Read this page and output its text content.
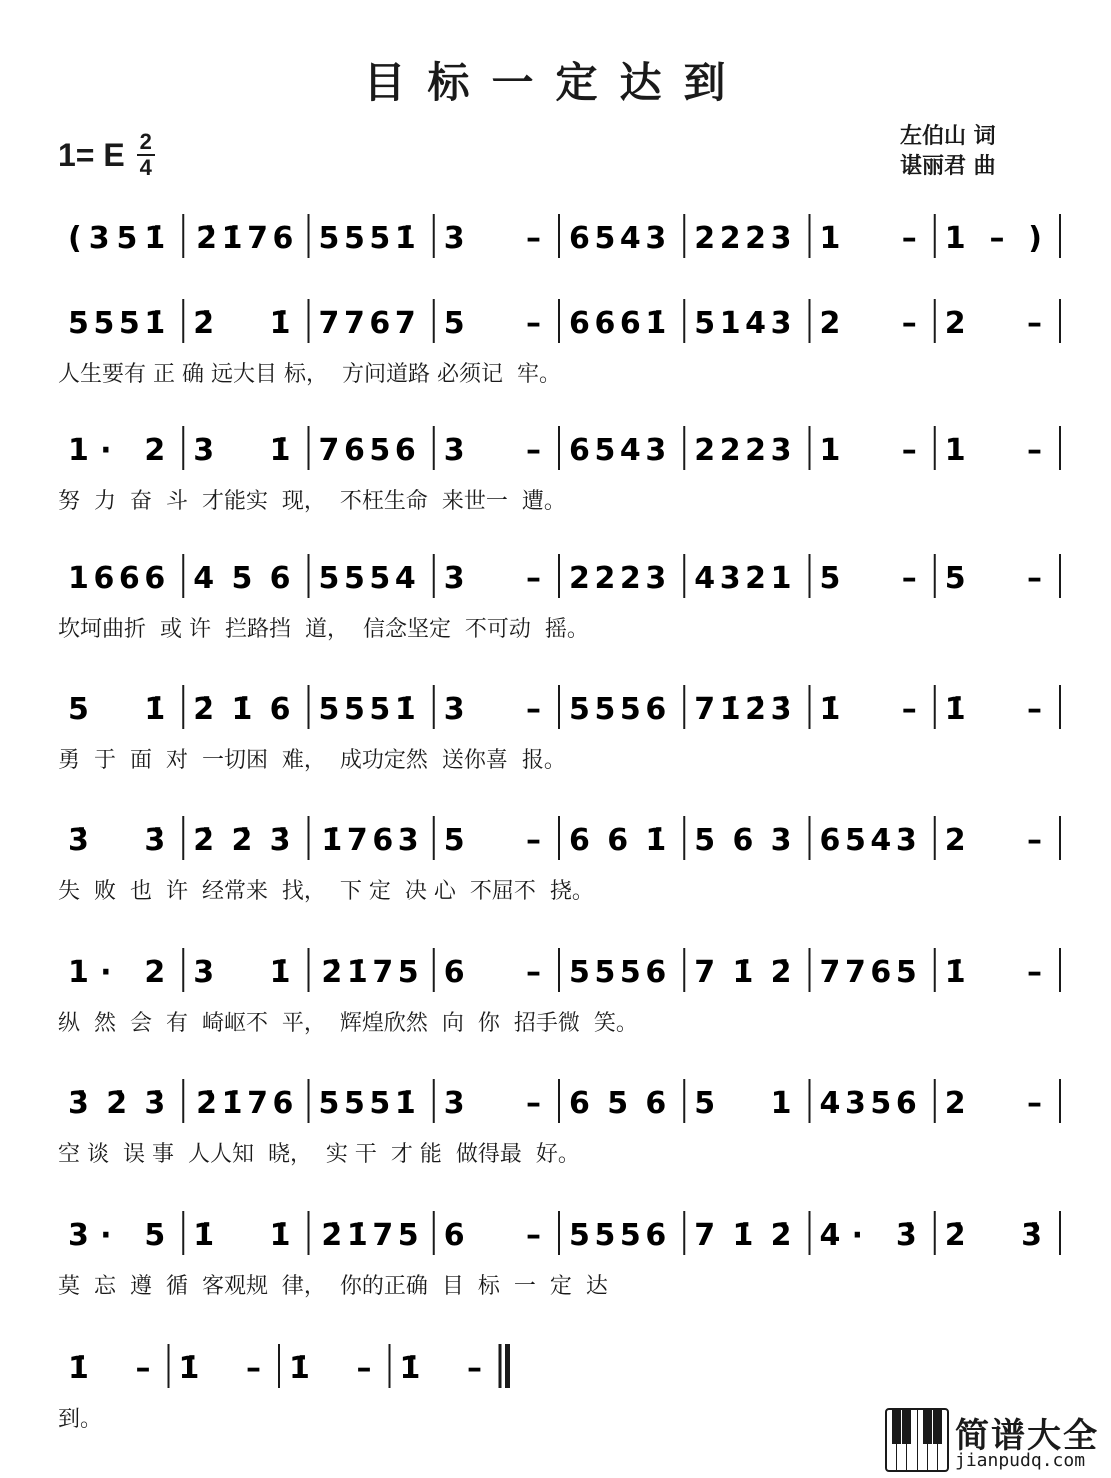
目标一定达到
1= E $\frac{2}{4}$	左伯山 词
谌丽君 曲
( 3 5 1̇ 2̇ 1̇ 7 6 5 5 5 1̇ 3 – 6 5 4 3 2 2 2 3 1 – 1 – )
5 5 5 1̇ 2̇ 1̇ 7 7 6 7 5 – 6 6 6 1̇ 5 1 4 3 2 – 2 –
1· 2 3 1̇ 7 6 5 6 3 – 6 5 4 3 2 2 2 3 1 – 1 –
1 6 6 6 4 5 6 5 5 5 4 3 – 2 2 2 3 4 3 2 1 5 – 5 –
5 1̇ 2̇ 1̇ 6 5 5 5 1̇ 3 – 5 5 5 6 7 1̇ 2̇ 3̇ 1̇ – 1̇ –
3̇ 3̇ 2̇ 2̇ 3̇ 1̇ 7 6 3 5 – 6 6 1̇ 5 6 3 6 5 4 3 2 –
1· 2 3 1̇ 2̇ 1̇ 7 5 6 – 5 5 5 6 7 1̇ 2̇ 7 7 6 5 1̇ –
3̇ 2̇ 3̇ 2̇ 1̇ 7 6 5 5 5 1̇ 3 – 6 5 6 5 1 4 3 5 6 2 –
3· 5 1̇ 1̇ 2̇ 1̇ 7 5 6 – 5 5 5 6 7 1̇ 2̇ 4· 3̇ 2̇ 3̇
1̇ – 1̇ – 1̇ – 1̇ –
人生要有 正 确 远大目 标，  方问道路 必须记  牢。
努  力  奋  斗  才能实  现，  不枉生命  来世一  遭。
坎坷曲折  或 许  拦路挡  道，  信念坚定  不可动  摇。
勇  于  面  对  一切困  难，  成功定然  送你喜  报。
失  败  也  许  经常来  找，  下 定  决 心  不屈不  挠。
纵  然  会  有  崎岖不  平，  辉煌欣然  向  你  招手微  笑。
空 谈  误 事  人人知  晓，  实 干  才 能  做得最  好。
莫  忘  遵  循  客观规  律，  你的正确  目  标  一  定  达
到。	简谱大全
jianpudq.com
